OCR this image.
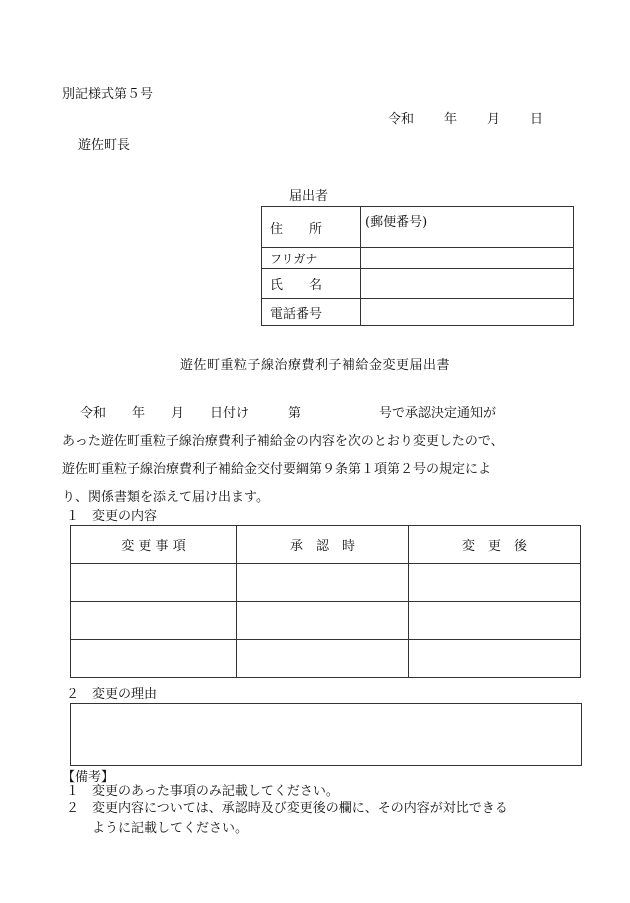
別記様式第５号
令和 年 月 日
遊佐町長
届出者
住　　所	(郵便番号)
フリガナ	
氏　　名	
電話番号	
遊佐町重粒子線治療費利子補給金変更届出書
令和　　年　　月　　日付け　　　第　　　　　　号で承認決定通知が
あった遊佐町重粒子線治療費利子補給金の内容を次のとおり変更したので、
遊佐町重粒子線治療費利子補給金交付要綱第９条第１項第２号の規定によ
り、関係書類を添えて届け出ます。
１　変更の内容
変 更 事 項	承　認　時	変　更　後

２　変更の理由
【備考】
１ 変更のあった事項のみ記載してください。
２ 変更内容については、承認時及び変更後の欄に、その内容が対比できる
ように記載してください。
